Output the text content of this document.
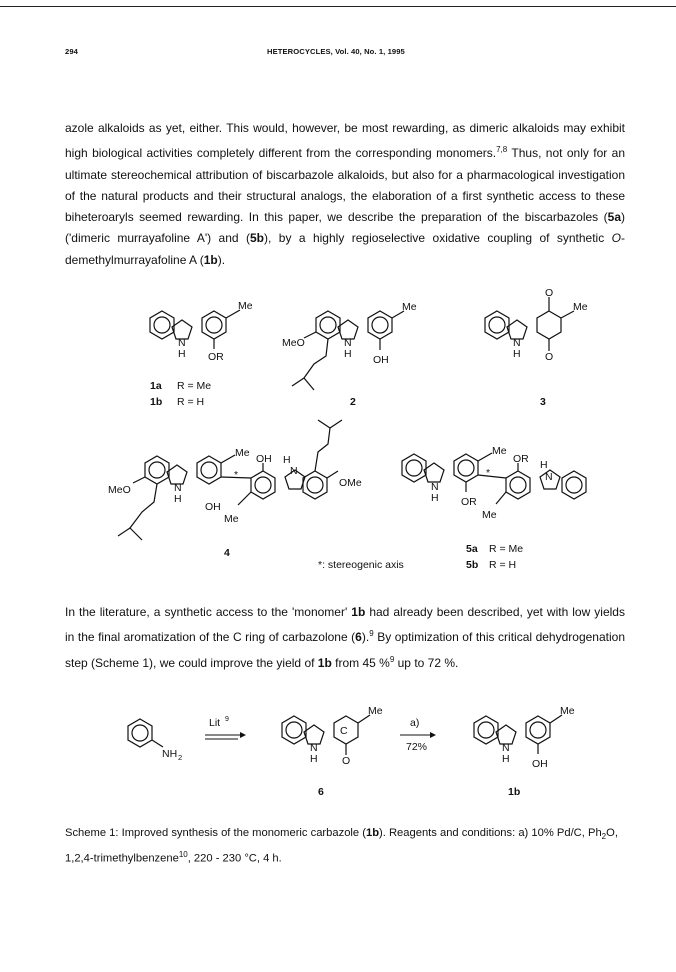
294	HETEROCYCLES, Vol. 40, No. 1, 1995

azole alkaloids as yet, either. This would, however, be most rewarding, as dimeric alkaloids may exhibit high biological activities completely different from the corresponding monomers.$^{7,8}$ Thus, not only for an ultimate stereochemical attribution of biscarbazole alkaloids, but also for a pharmacological investigation of the natural products and their structural analogs, the elaboration of a first synthetic access to these biheteroaryls seemed rewarding. In this paper, we describe the preparation of the biscarbazoles (5a) ('dimeric murrayafoline A') and (5b), by a highly regioselective oxidative coupling of synthetic O-demethylmurrayafoline A (1b).

Me
N
H OR
1a R = Me
1b R = H
Me
MeO	N
H OH
2
O
O
Me
N
H
3
Me
MeO	N
H
OH
*
OH H
N
OMe
Me
4
Me
N
H OR
*
OR H
N
Me
5a R = Me
5b R = H
*: stereogenic axis

In the literature, a synthetic access to the 'monomer' 1b had already been described, yet with low yields in the final aromatization of the C ring of carbazolone (6).$^9$ By optimization of this critical dehydrogenation step (Scheme 1), we could improve the yield of 1b from 45 %$^9$ up to 72 %.

NH 2
Lit 9
C
Me
N
H O
a)
72%
Me
N
H OH
6	1b

Scheme 1: Improved synthesis of the monomeric carbazole (1b). Reagents and conditions: a) 10% Pd/C, $Ph_2O$, 1,2,4-trimethylbenzene$^{10}$, 220 - 230 °C, 4 h.
